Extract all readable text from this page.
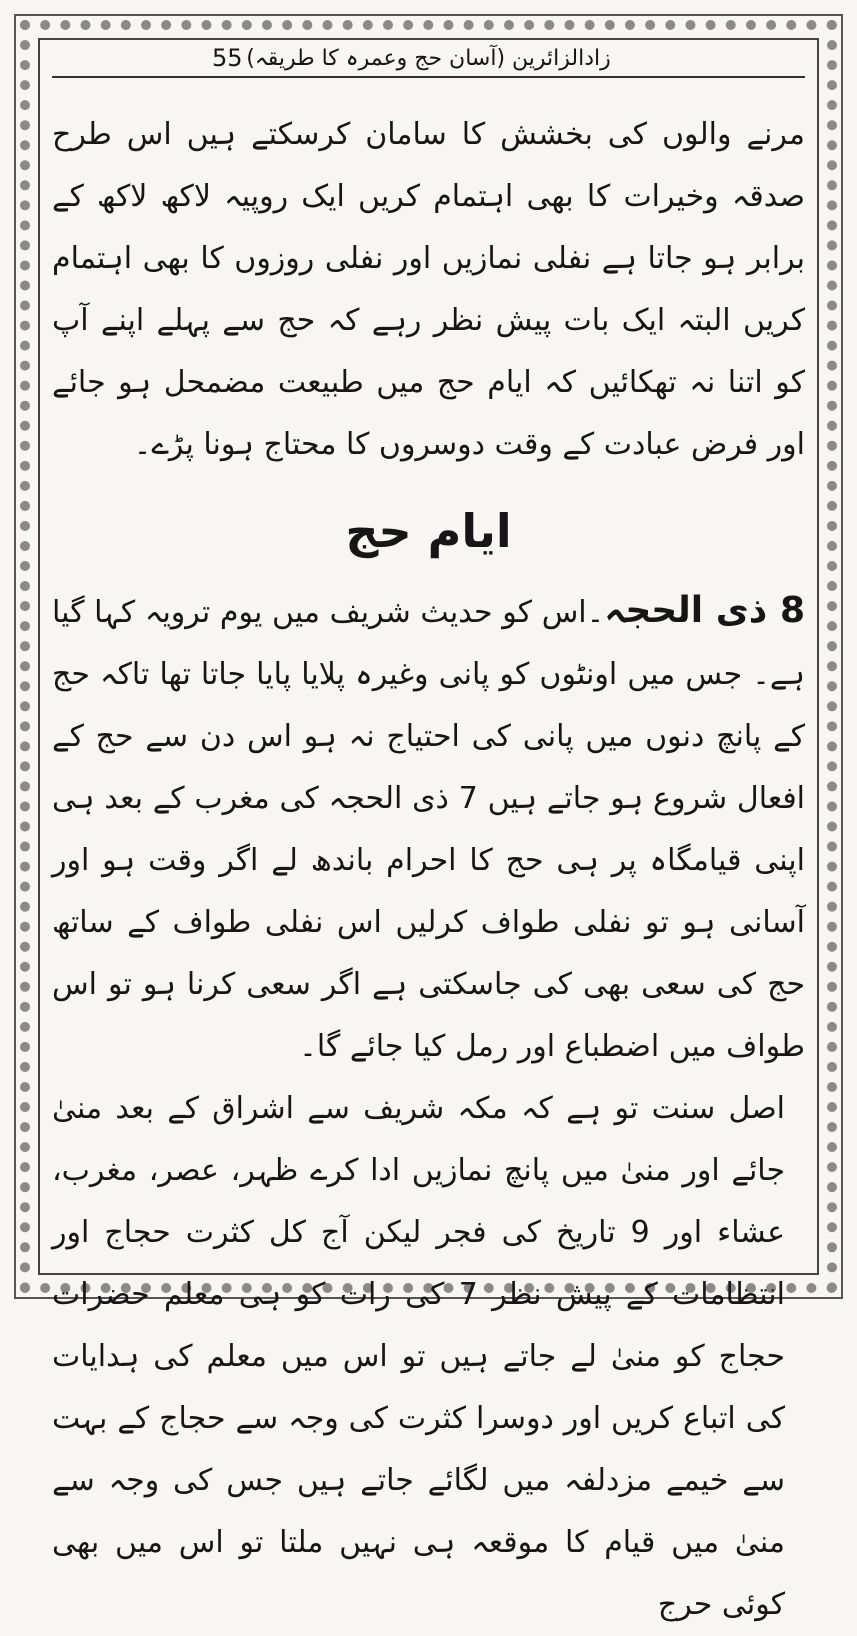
زادالزائرین (آسان حج وعمرہ کا طریقہ)
55

مرنے والوں کی بخشش کا سامان کرسکتے ہیں اس طرح صدقہ وخیرات کا بھی اہتمام کریں ایک روپیہ لاکھ لاکھ کے برابر ہو جاتا ہے نفلی نمازیں اور نفلی روزوں کا بھی اہتمام کریں البتہ ایک بات پیش نظر رہے کہ حج سے پہلے اپنے آپ کو اتنا نہ تھکائیں کہ ایام حج میں طبیعت مضمحل ہو جائے اور فرض عبادت کے وقت دوسروں کا محتاج ہونا پڑے۔

ایام حج

8 ذی الحجہ۔اس کو حدیث شریف میں یوم ترویہ کہا گیا ہے۔ جس میں اونٹوں کو پانی وغیرہ پلایا پایا جاتا تھا تاکہ حج کے پانچ دنوں میں پانی کی احتیاج نہ ہو اس دن سے حج کے افعال شروع ہو جاتے ہیں 7 ذی الحجہ کی مغرب کے بعد ہی اپنی قیامگاہ پر ہی حج کا احرام باندھ لے اگر وقت ہو اور آسانی ہو تو نفلی طواف کرلیں اس نفلی طواف کے ساتھ حج کی سعی بھی کی جاسکتی ہے اگر سعی کرنا ہو تو اس طواف میں اضطباع اور رمل کیا جائے گا۔

اصل سنت تو ہے کہ مکہ شریف سے اشراق کے بعد منیٰ جائے اور منیٰ میں پانچ نمازیں ادا کرے ظہر، عصر، مغرب، عشاء اور 9 تاریخ کی فجر لیکن آج کل کثرت حجاج اور انتظامات کے پیش نظر 7 کی رات کو ہی معلم حضرات حجاج کو منیٰ لے جاتے ہیں تو اس میں معلم کی ہدایات کی اتباع کریں اور دوسرا کثرت کی وجہ سے حجاج کے بہت سے خیمے مزدلفہ میں لگائے جاتے ہیں جس کی وجہ سے منیٰ میں قیام کا موقعہ ہی نہیں ملتا تو اس میں بھی کوئی حرج
